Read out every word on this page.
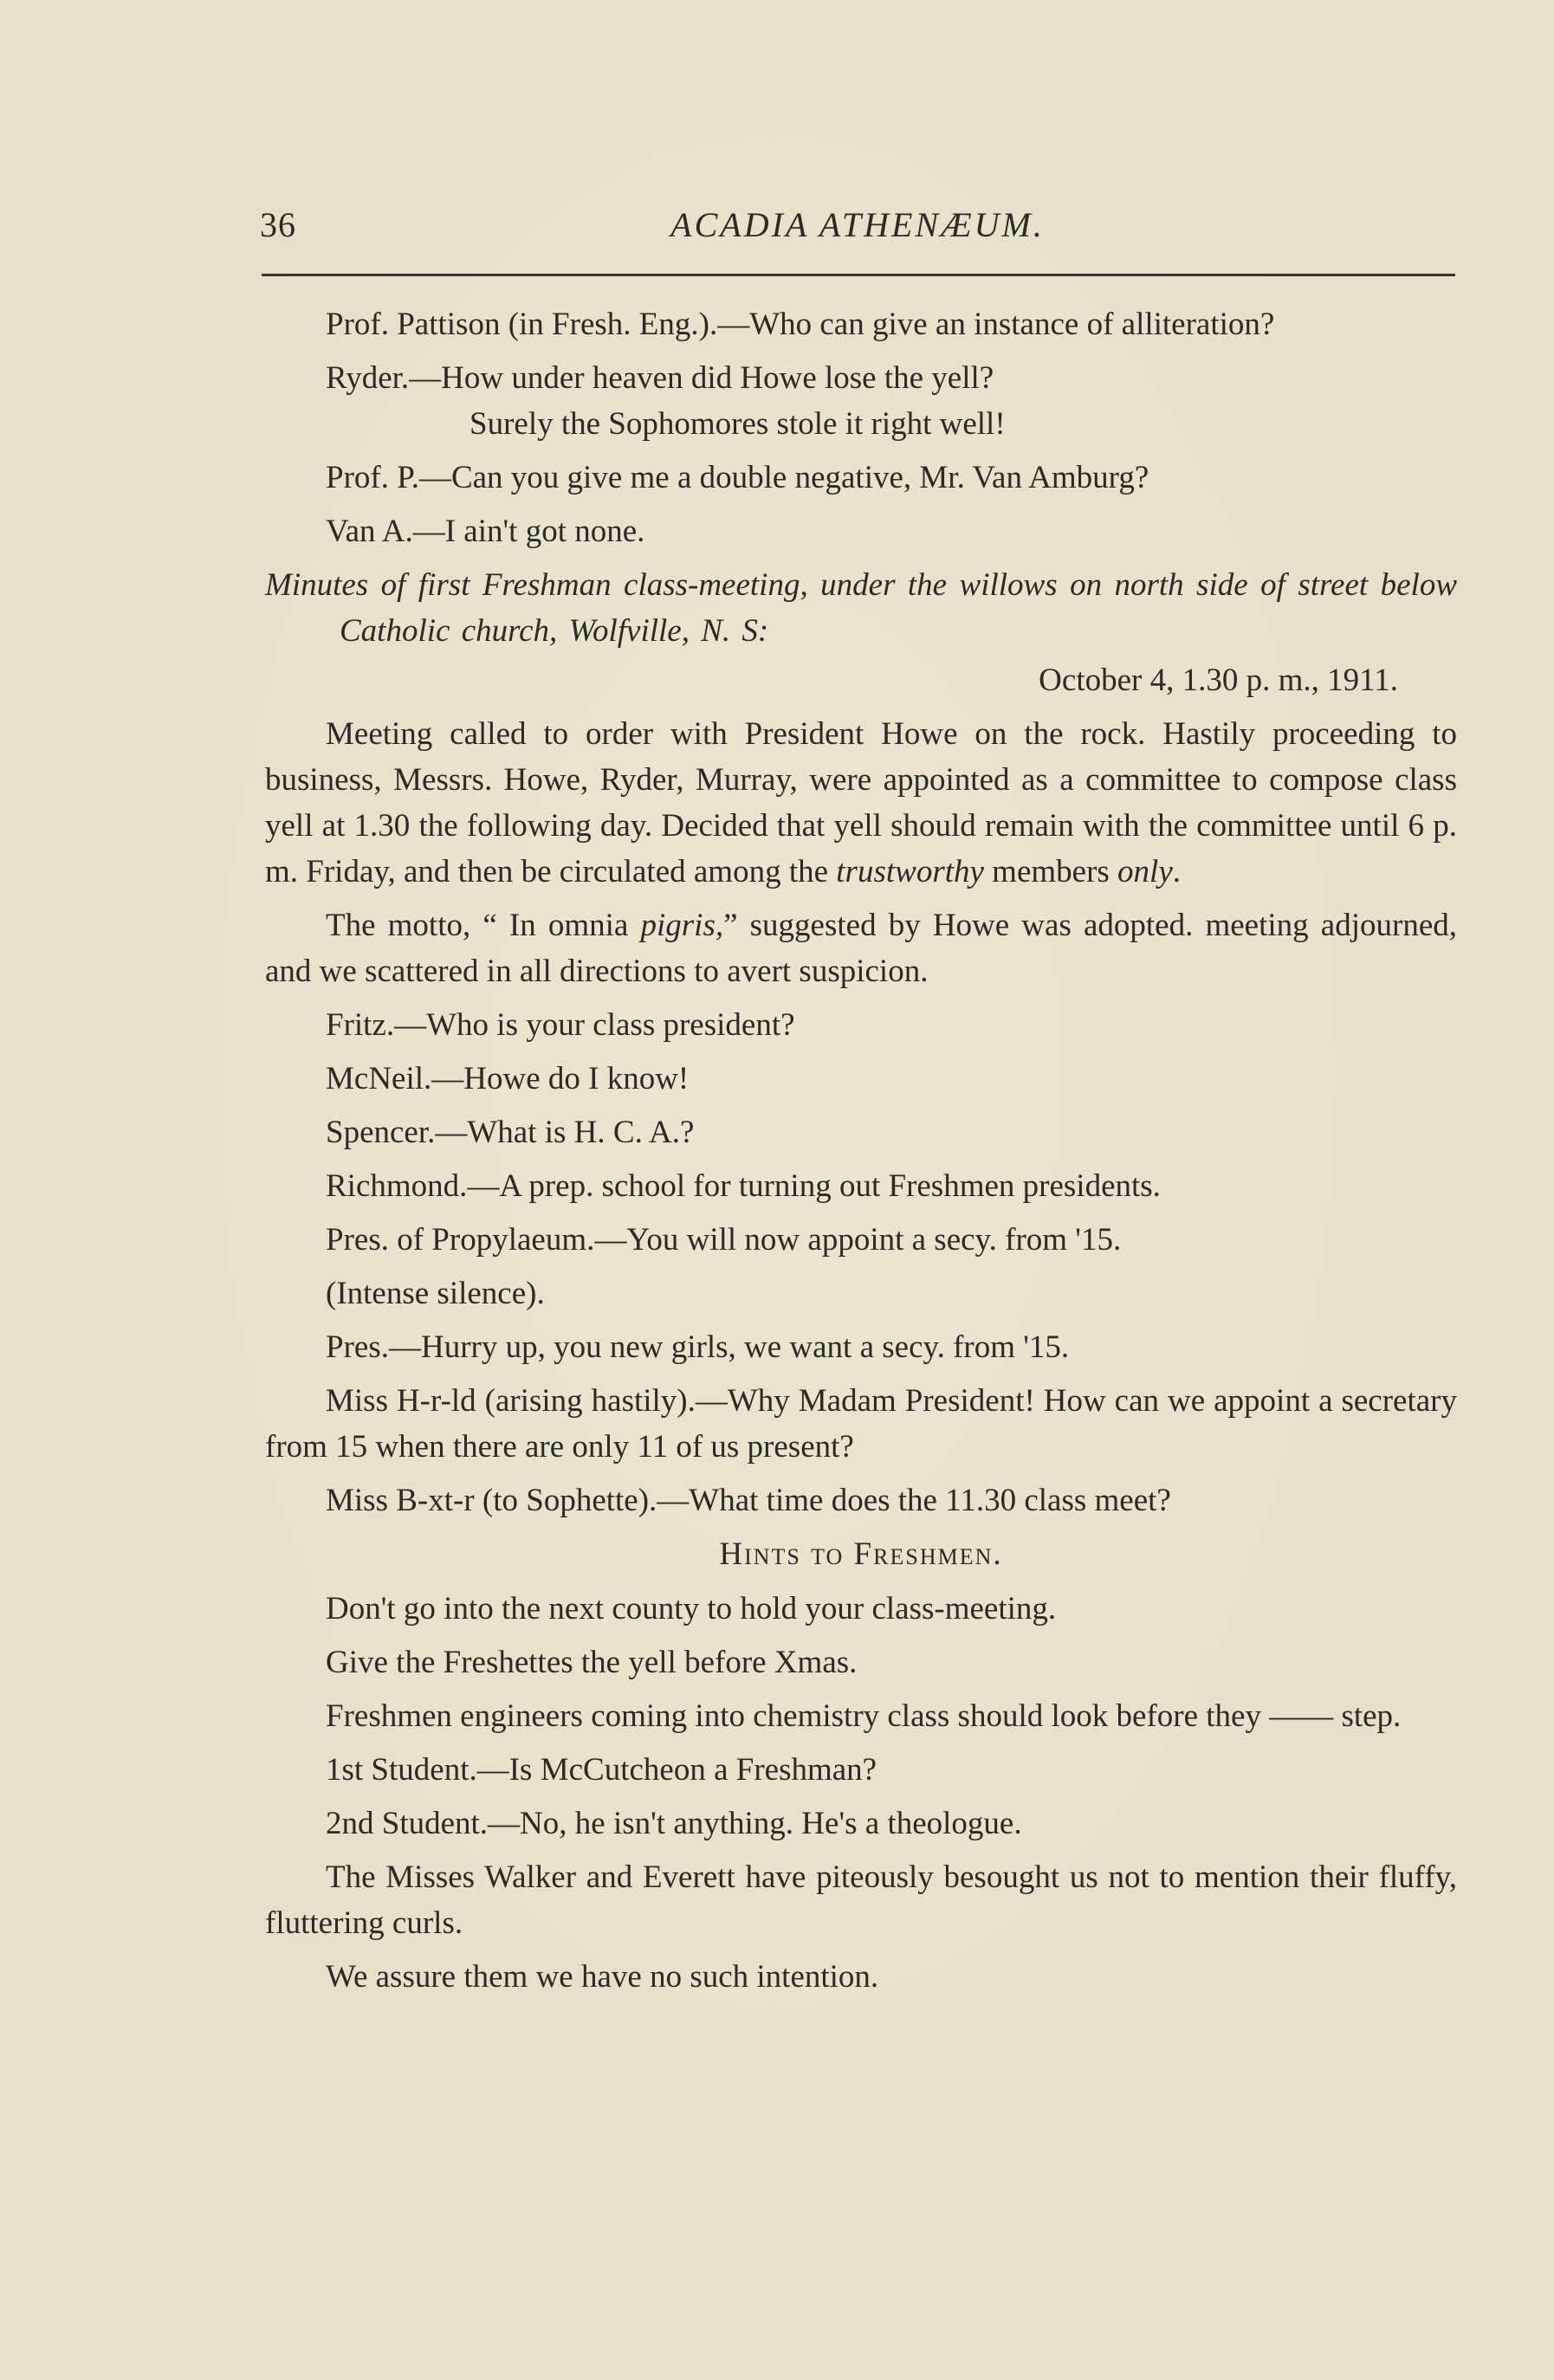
36	ACADIA ATHENÆUM.

Prof. Pattison (in Fresh. Eng.).—Who can give an instance of alliteration?

Ryder.—How under heaven did Howe lose the yell?

Surely the Sophomores stole it right well!

Prof. P.—Can you give me a double negative, Mr. Van Amburg?

Van A.—I ain't got none.

Minutes of first Freshman class-meeting, under the willows on north side of street below Catholic church, Wolfville, N. S:

October 4, 1.30 p. m., 1911.

Meeting called to order with President Howe on the rock. Hastily proceeding to business, Messrs. Howe, Ryder, Murray, were appointed as a committee to compose class yell at 1.30 the following day. Decided that yell should remain with the committee until 6 p. m. Friday, and then be circulated among the trustworthy members only.

The motto, “ In omnia pigris,” suggested by Howe was adopted. meeting adjourned, and we scattered in all directions to avert suspicion.

Fritz.—Who is your class president?

McNeil.—Howe do I know!

Spencer.—What is H. C. A.?

Richmond.—A prep. school for turning out Freshmen presidents.

Pres. of Propylaeum.—You will now appoint a secy. from '15.

(Intense silence).

Pres.—Hurry up, you new girls, we want a secy. from '15.

Miss H-r-ld (arising hastily).—Why Madam President! How can we appoint a secretary from 15 when there are only 11 of us present?

Miss B-xt-r (to Sophette).—What time does the 11.30 class meet?

Hints to Freshmen.

Don't go into the next county to hold your class-meeting.

Give the Freshettes the yell before Xmas.

Freshmen engineers coming into chemistry class should look before they —— step.

1st Student.—Is McCutcheon a Freshman?

2nd Student.—No, he isn't anything. He's a theologue.

The Misses Walker and Everett have piteously besought us not to mention their fluffy, fluttering curls.

We assure them we have no such intention.
